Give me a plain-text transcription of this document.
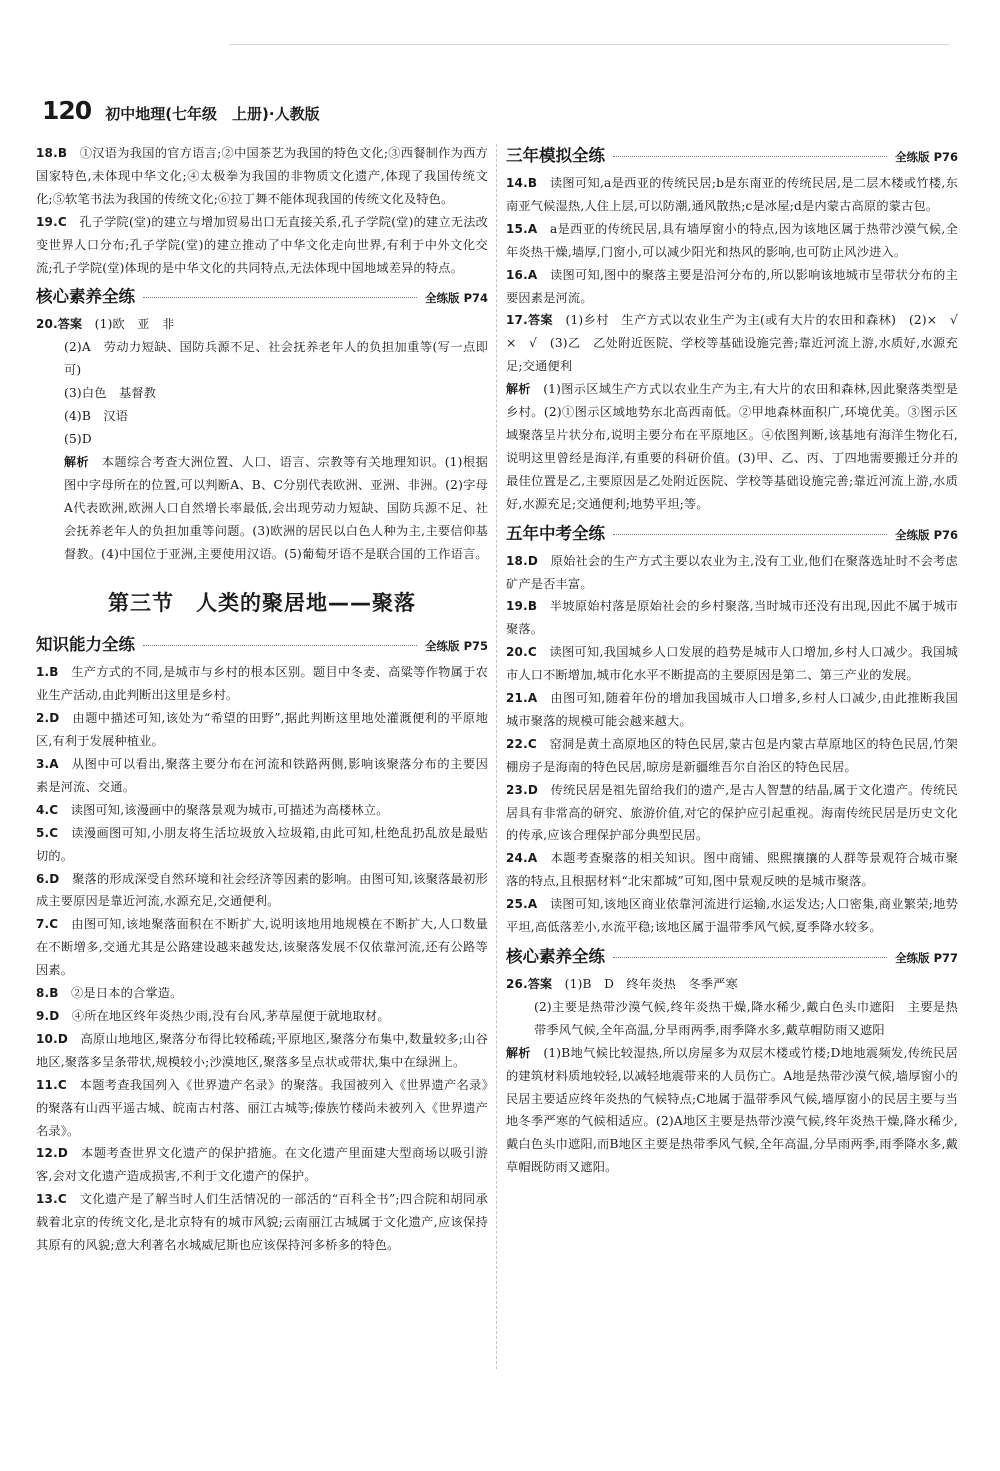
120 初中地理(七年级　上册)·人教版
18.B　 ①汉语为我国的官方语言;②中国茶艺为我国的特色文化;③西餐制作为西方国家特色,未体现中华文化;④太极拳为我国的非物质文化遗产,体现了我国传统文化;⑤软笔书法为我国的传统文化;⑥拉丁舞不能体现我国的传统文化及特色。
19.C　 孔子学院(堂)的建立与增加贸易出口无直接关系,孔子学院(堂)的建立无法改变世界人口分布;孔子学院(堂)的建立推动了中华文化走向世界,有利于中外文化交流;孔子学院(堂)体现的是中华文化的共同特点,无法体现中国地域差异的特点。
核心素养全练	全练版 P74
20.答案　 (1)欧　亚　非
(2)A　劳动力短缺、国防兵源不足、社会抚养老年人的负担加重等(写一点即可)
(3)白色　基督教
(4)B　汉语
(5)D
解析　 本题综合考查大洲位置、人口、语言、宗教等有关地理知识。(1)根据图中字母所在的位置,可以判断A、B、C分别代表欧洲、亚洲、非洲。(2)字母A代表欧洲,欧洲人口自然增长率最低,会出现劳动力短缺、国防兵源不足、社会抚养老年人的负担加重等问题。(3)欧洲的居民以白色人种为主,主要信仰基督教。(4)中国位于亚洲,主要使用汉语。(5)葡萄牙语不是联合国的工作语言。
第三节　人类的聚居地——聚落
知识能力全练	全练版 P75
1.B　 生产方式的不同,是城市与乡村的根本区别。题目中冬麦、高粱等作物属于农业生产活动,由此判断出这里是乡村。
2.D　 由题中描述可知,该处为“希望的田野”,据此判断这里地处灌溉便利的平原地区,有利于发展种植业。
3.A　 从图中可以看出,聚落主要分布在河流和铁路两侧,影响该聚落分布的主要因素是河流、交通。
4.C　 读图可知,该漫画中的聚落景观为城市,可描述为高楼林立。
5.C　 读漫画图可知,小朋友将生活垃圾放入垃圾箱,由此可知,杜绝乱扔乱放是最贴切的。
6.D　 聚落的形成深受自然环境和社会经济等因素的影响。由图可知,该聚落最初形成主要原因是靠近河流,水源充足,交通便利。
7.C　 由图可知,该地聚落面积在不断扩大,说明该地用地规模在不断扩大,人口数量在不断增多,交通尤其是公路建设越来越发达,该聚落发展不仅依靠河流,还有公路等因素。
8.B　 ②是日本的合掌造。
9.D　 ④所在地区终年炎热少雨,没有台风,茅草屋便于就地取材。
10.D　 高原山地地区,聚落分布得比较稀疏;平原地区,聚落分布集中,数量较多;山谷地区,聚落多呈条带状,规模较小;沙漠地区,聚落多呈点状或带状,集中在绿洲上。
11.C　 本题考查我国列入《世界遗产名录》的聚落。我国被列入《世界遗产名录》的聚落有山西平遥古城、皖南古村落、丽江古城等;傣族竹楼尚未被列入《世界遗产名录》。
12.D　 本题考查世界文化遗产的保护措施。在文化遗产里面建大型商场以吸引游客,会对文化遗产造成损害,不利于文化遗产的保护。
13.C　 文化遗产是了解当时人们生活情况的一部活的“百科全书”;四合院和胡同承载着北京的传统文化,是北京特有的城市风貌;云南丽江古城属于文化遗产,应该保持其原有的风貌;意大利著名水城威尼斯也应该保持河多桥多的特色。
三年模拟全练	全练版 P76
14.B　 读图可知,a是西亚的传统民居;b是东南亚的传统民居,是二层木楼或竹楼,东南亚气候湿热,人住上层,可以防潮,通风散热;c是冰屋;d是内蒙古高原的蒙古包。
15.A　 a是西亚的传统民居,具有墙厚窗小的特点,因为该地区属于热带沙漠气候,全年炎热干燥,墙厚,门窗小,可以减少阳光和热风的影响,也可防止风沙进入。
16.A　 读图可知,图中的聚落主要是沿河分布的,所以影响该地城市呈带状分布的主要因素是河流。
17.答案　 (1)乡村　生产方式以农业生产为主(或有大片的农田和森林)　(2)×　√　×　√　(3)乙　乙处附近医院、学校等基础设施完善;靠近河流上游,水质好,水源充足;交通便利
解析　 (1)图示区域生产方式以农业生产为主,有大片的农田和森林,因此聚落类型是乡村。(2)①图示区域地势东北高西南低。②甲地森林面积广,环境优美。③图示区域聚落呈片状分布,说明主要分布在平原地区。④依图判断,该基地有海洋生物化石,说明这里曾经是海洋,有重要的科研价值。(3)甲、乙、丙、丁四地需要搬迁分并的最佳位置是乙,主要原因是乙处附近医院、学校等基础设施完善;靠近河流上游,水质好,水源充足;交通便利;地势平坦;等。
五年中考全练	全练版 P76
18.D　 原始社会的生产方式主要以农业为主,没有工业,他们在聚落选址时不会考虑矿产是否丰富。
19.B　 半坡原始村落是原始社会的乡村聚落,当时城市还没有出现,因此不属于城市聚落。
20.C　 读图可知,我国城乡人口发展的趋势是城市人口增加,乡村人口减少。我国城市人口不断增加,城市化水平不断提高的主要原因是第二、第三产业的发展。
21.A　 由图可知,随着年份的增加我国城市人口增多,乡村人口减少,由此推断我国城市聚落的规模可能会越来越大。
22.C　 窑洞是黄土高原地区的特色民居,蒙古包是内蒙古草原地区的特色民居,竹架棚房子是海南的特色民居,晾房是新疆维吾尔自治区的特色民居。
23.D　 传统民居是祖先留给我们的遗产,是古人智慧的结晶,属于文化遗产。传统民居具有非常高的研究、旅游价值,对它的保护应引起重视。海南传统民居是历史文化的传承,应该合理保护部分典型民居。
24.A　 本题考查聚落的相关知识。图中商铺、熙熙攘攘的人群等景观符合城市聚落的特点,且根据材料“北宋都城”可知,图中景观反映的是城市聚落。
25.A　 读图可知,该地区商业依靠河流进行运输,水运发达;人口密集,商业繁荣;地势平坦,高低落差小,水流平稳;该地区属于温带季风气候,夏季降水较多。
核心素养全练	全练版 P77
26.答案　 (1)B　D　终年炎热　冬季严寒
(2)主要是热带沙漠气候,终年炎热干燥,降水稀少,戴白色头巾遮阳　主要是热带季风气候,全年高温,分旱雨两季,雨季降水多,戴草帽防雨又遮阳
解析　 (1)B地气候比较湿热,所以房屋多为双层木楼或竹楼;D地地震频发,传统民居的建筑材料质地较轻,以减轻地震带来的人员伤亡。A地是热带沙漠气候,墙厚窗小的民居主要适应终年炎热的气候特点;C地属于温带季风气候,墙厚窗小的民居主要与当地冬季严寒的气候相适应。(2)A地区主要是热带沙漠气候,终年炎热干燥,降水稀少,戴白色头巾遮阳,而B地区主要是热带季风气候,全年高温,分旱雨两季,雨季降水多,戴草帽既防雨又遮阳。
